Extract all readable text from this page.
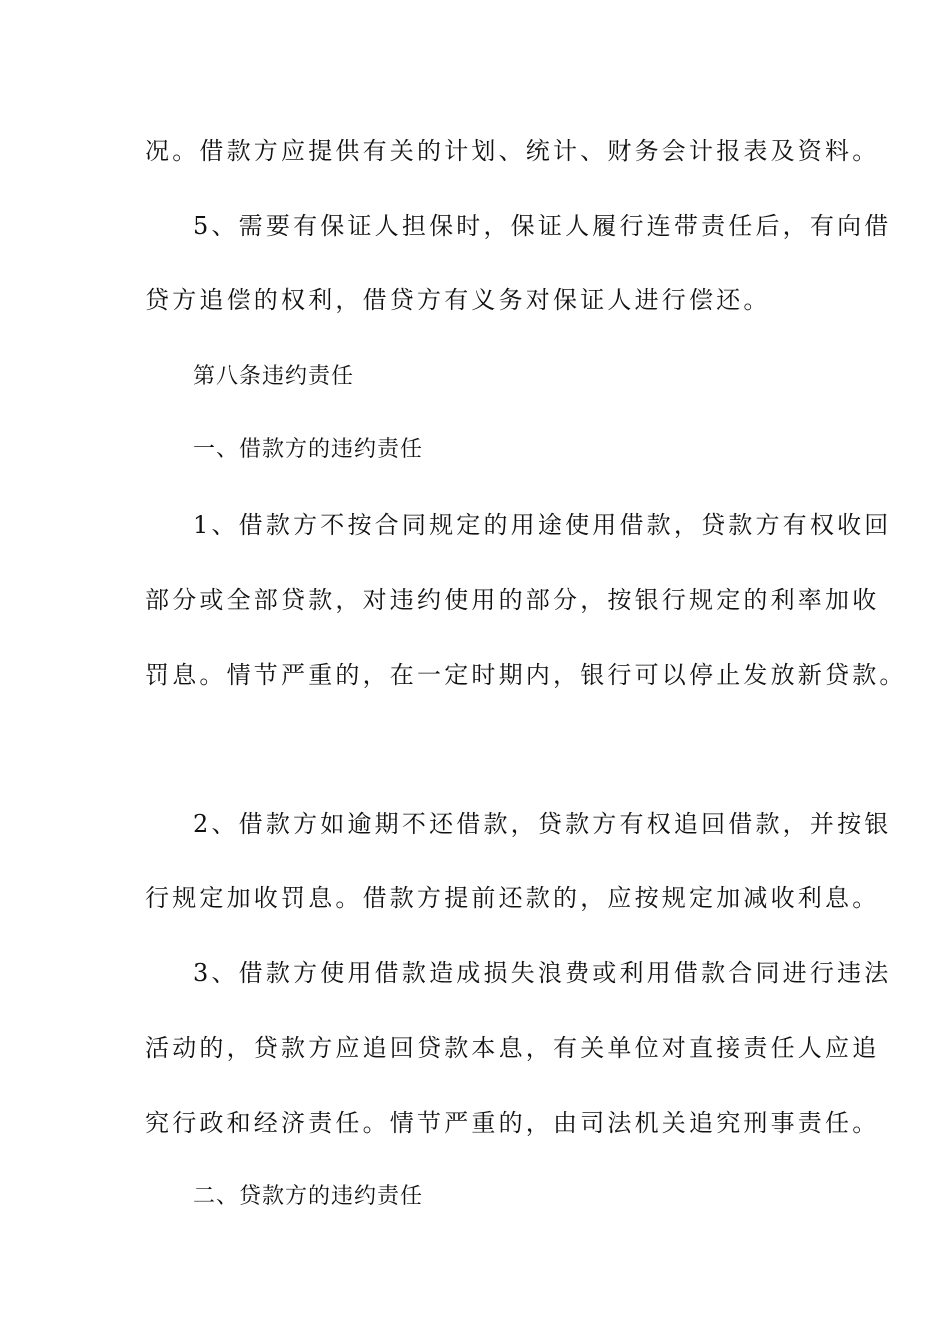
况。借款方应提供有关的计划、统计、财务会计报表及资料。
5、需要有保证人担保时，保证人履行连带责任后，有向借
贷方追偿的权利，借贷方有义务对保证人进行偿还。
第八条违约责任
一、借款方的违约责任
1、借款方不按合同规定的用途使用借款，贷款方有权收回
部分或全部贷款，对违约使用的部分，按银行规定的利率加收
罚息。情节严重的，在一定时期内，银行可以停止发放新贷款。
2、借款方如逾期不还借款，贷款方有权追回借款，并按银
行规定加收罚息。借款方提前还款的，应按规定加减收利息。
3、借款方使用借款造成损失浪费或利用借款合同进行违法
活动的，贷款方应追回贷款本息，有关单位对直接责任人应追
究行政和经济责任。情节严重的，由司法机关追究刑事责任。
二、贷款方的违约责任
